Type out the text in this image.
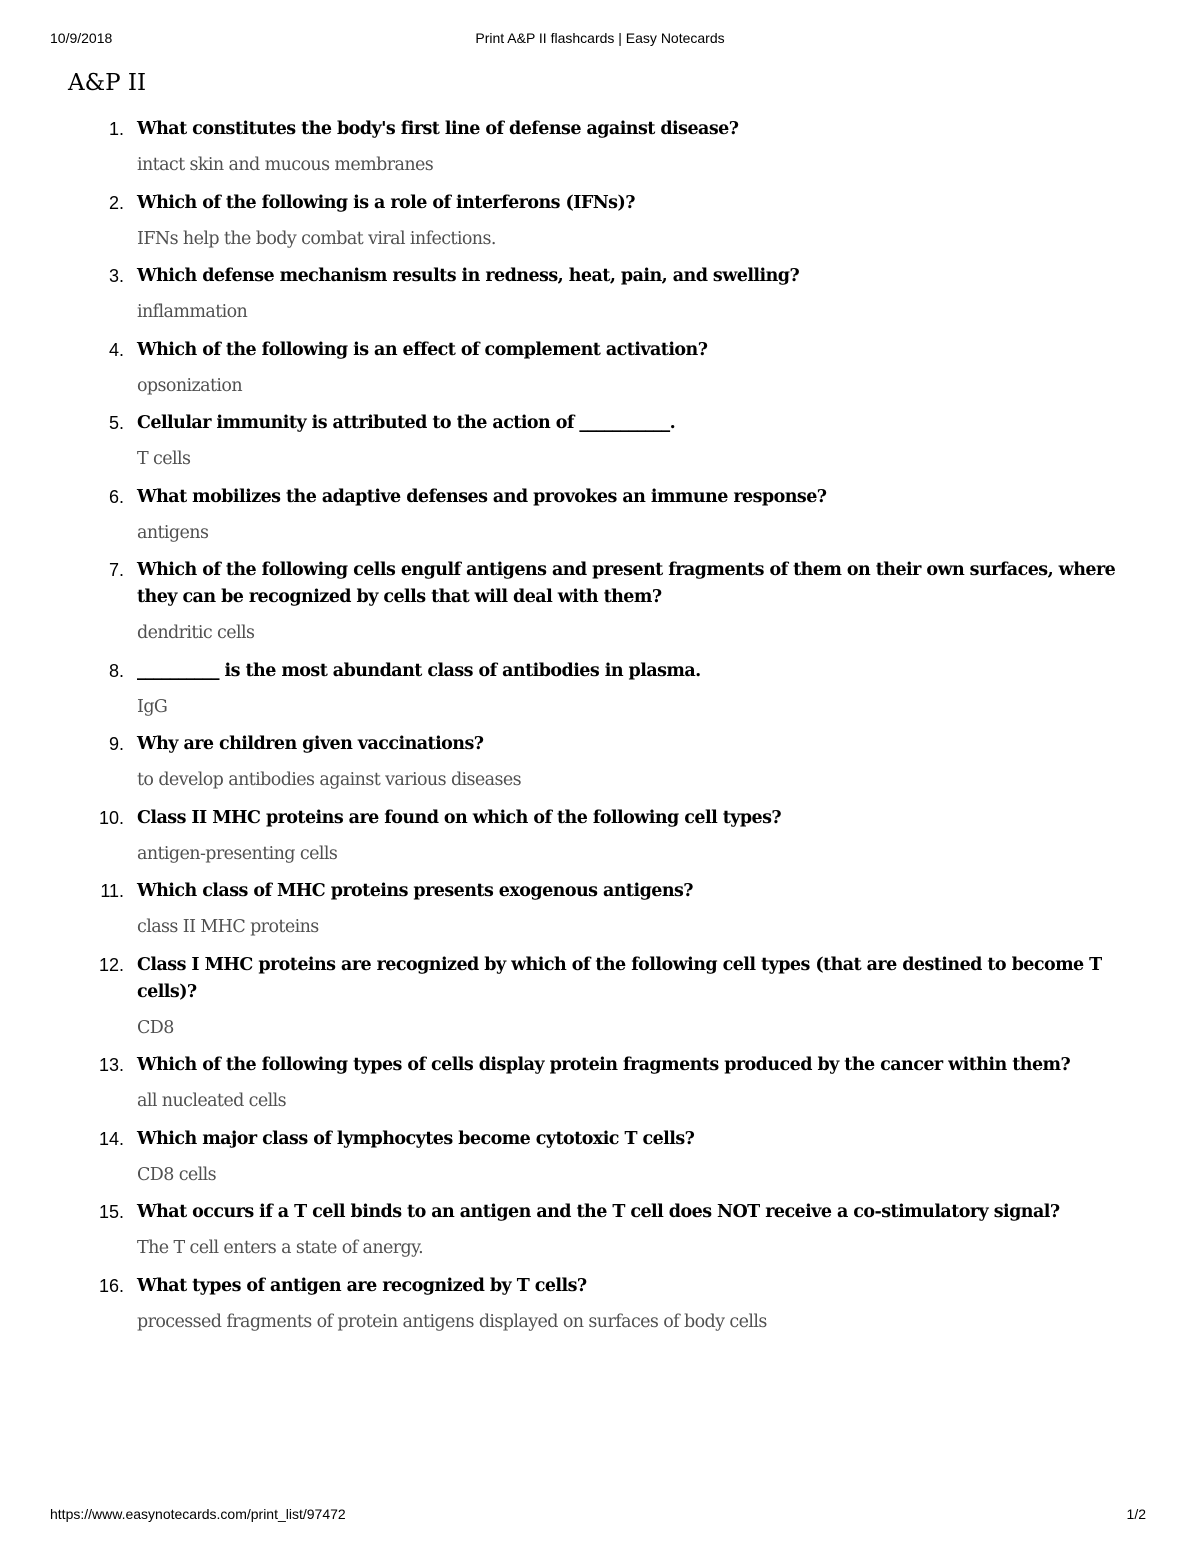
10/9/2018	Print A&P II flashcards | Easy Notecards
A&P II
1. What constitutes the body's first line of defense against disease?

intact skin and mucous membranes

2. Which of the following is a role of interferons (IFNs)?

IFNs help the body combat viral infections.

3. Which defense mechanism results in redness, heat, pain, and swelling?

inflammation

4. Which of the following is an effect of complement activation?

opsonization

5. Cellular immunity is attributed to the action of ___________.

T cells

6. What mobilizes the adaptive defenses and provokes an immune response?

antigens

7. Which of the following cells engulf antigens and present fragments of them on their own surfaces, where they can be recognized by cells that will deal with them?

dendritic cells

8. __________ is the most abundant class of antibodies in plasma.

IgG

9. Why are children given vaccinations?

to develop antibodies against various diseases

10. Class II MHC proteins are found on which of the following cell types?

antigen-presenting cells

11. Which class of MHC proteins presents exogenous antigens?

class II MHC proteins

12. Class I MHC proteins are recognized by which of the following cell types (that are destined to become T cells)?

CD8

13. Which of the following types of cells display protein fragments produced by the cancer within them?

all nucleated cells

14. Which major class of lymphocytes become cytotoxic T cells?

CD8 cells

15. What occurs if a T cell binds to an antigen and the T cell does NOT receive a co-stimulatory signal?

The T cell enters a state of anergy.

16. What types of antigen are recognized by T cells?

processed fragments of protein antigens displayed on surfaces of body cells

https://www.easynotecards.com/print_list/97472	1/2
